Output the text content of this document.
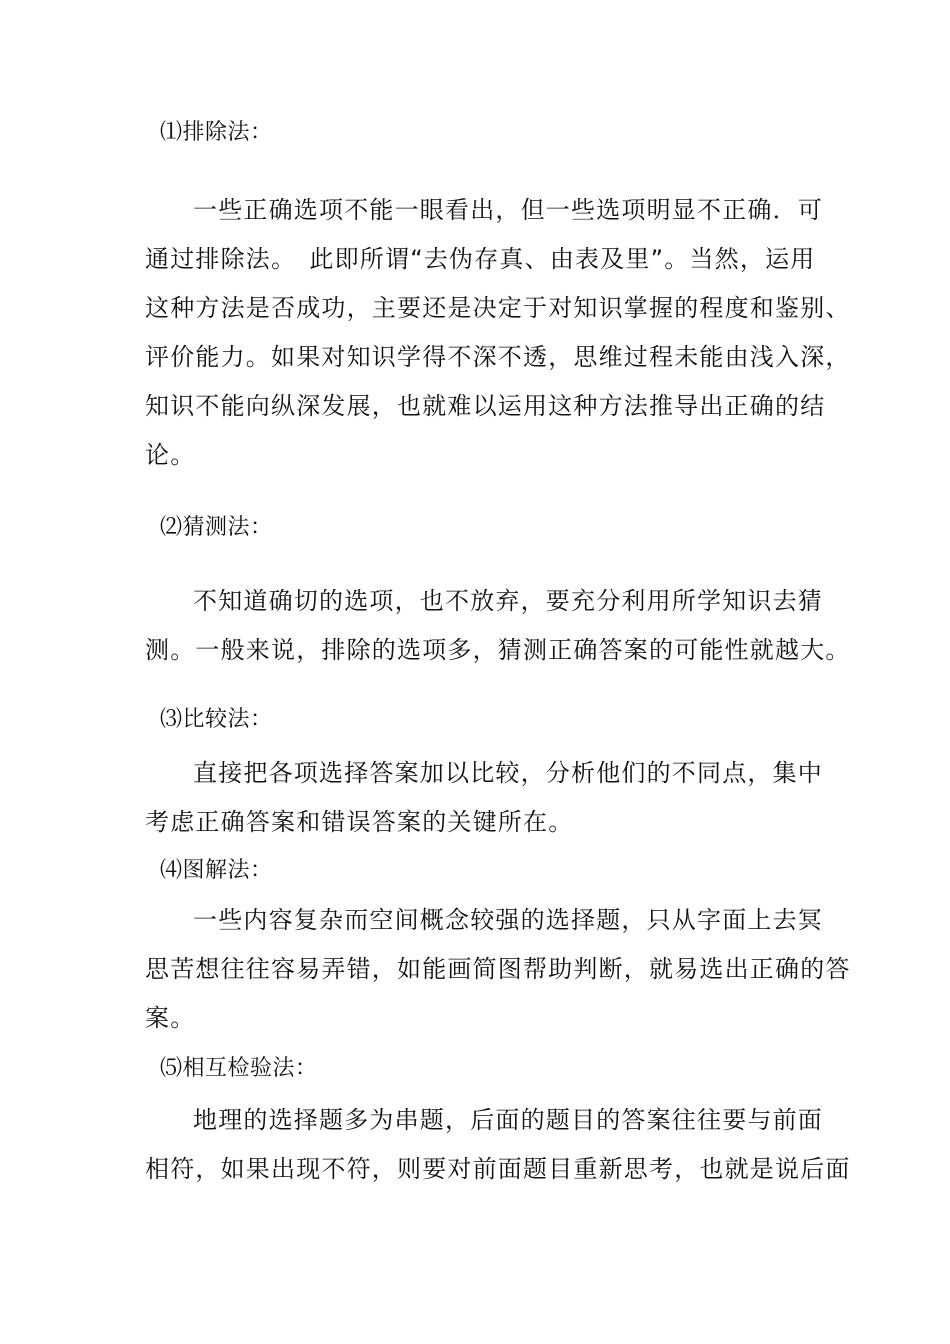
⑴排除法：
一些正确选项不能一眼看出，但一些选项明显不正确．可
通过排除法。　此即所谓“去伪存真、由表及里”。当然，运用
这种方法是否成功，主要还是决定于对知识掌握的程度和鉴别、
评价能力。如果对知识学得不深不透，思维过程未能由浅入深，
知识不能向纵深发展，也就难以运用这种方法推导出正确的结
论。
⑵猜测法：
不知道确切的选项，也不放弃，要充分利用所学知识去猜
测。一般来说，排除的选项多，猜测正确答案的可能性就越大。
⑶比较法：
直接把各项选择答案加以比较，分析他们的不同点，集中
考虑正确答案和错误答案的关键所在。
⑷图解法：
一些内容复杂而空间概念较强的选择题，只从字面上去冥
思苦想往往容易弄错，如能画简图帮助判断，就易选出正确的答
案。
⑸相互检验法：
地理的选择题多为串题，后面的题目的答案往往要与前面
相符，如果出现不符，则要对前面题目重新思考，也就是说后面
